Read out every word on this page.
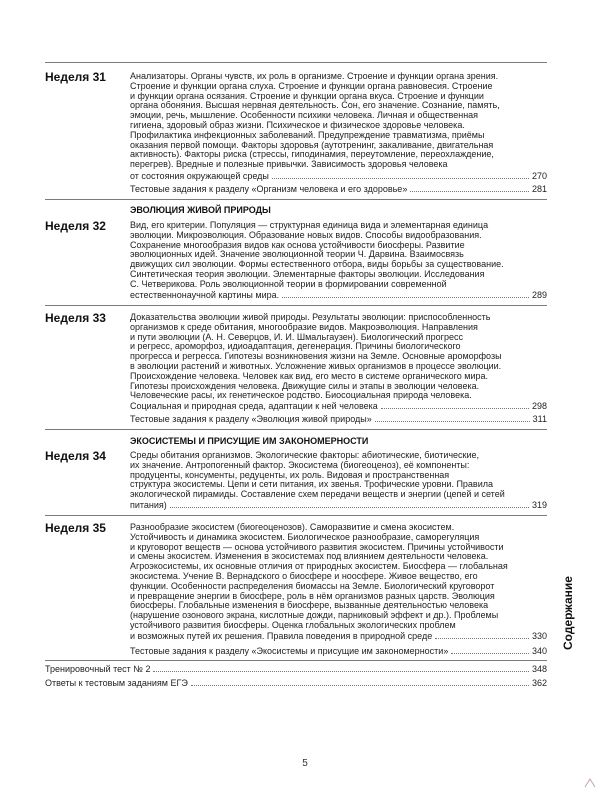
Неделя 31	Анализаторы. Органы чувств, их роль в организме. Строение и функции органа зрения.
Строение и функции органа слуха. Строение и функции органа равновесия. Строение
и функции органа осязания. Строение и функции органа вкуса. Строение и функции
органа обоняния. Высшая нервная деятельность. Сон, его значение. Сознание, память,
эмоции, речь, мышление. Особенности психики человека. Личная и общественная
гигиена, здоровый образ жизни. Психическое и физическое здоровье человека.
Профилактика инфекционных заболеваний. Предупреждение травматизма, приёмы
оказания первой помощи. Факторы здоровья (аутотренинг, закаливание, двигательная
активность). Факторы риска (стрессы, гиподинамия, переутомление, переохлаждение,
перегрев). Вредные и полезные привычки. Зависимость здоровья человека
от состояния окружающей среды	270
Тестовые задания к разделу «Организм человека и его здоровье»	281
ЭВОЛЮЦИЯ ЖИВОЙ ПРИРОДЫ
Неделя 32	Вид, его критерии. Популяция — структурная единица вида и элементарная единица
эволюции. Микроэволюция. Образование новых видов. Способы видообразования.
Сохранение многообразия видов как основа устойчивости биосферы. Развитие
эволюционных идей. Значение эволюционной теории Ч. Дарвина. Взаимосвязь
движущих сил эволюции. Формы естественного отбора, виды борьбы за существование.
Синтетическая теория эволюции. Элементарные факторы эволюции. Исследования
С. Четверикова. Роль эволюционной теории в формировании современной
естественнонаучной картины мира.	289
Неделя 33	Доказательства эволюции живой природы. Результаты эволюции: приспособленность
организмов к среде обитания, многообразие видов. Макроэволюция. Направления
и пути эволюции (А. Н. Северцов, И. И. Шмальгаузен). Биологический прогресс
и регресс, ароморфоз, идиоадаптация, дегенерация. Причины биологического
прогресса и регресса. Гипотезы возникновения жизни на Земле. Основные ароморфозы
в эволюции растений и животных. Усложнение живых организмов в процессе эволюции.
Происхождение человека. Человек как вид, его место в системе органического мира.
Гипотезы происхождения человека. Движущие силы и этапы в эволюции человека.
Человеческие расы, их генетическое родство. Биосоциальная природа человека.
Социальная и природная среда, адаптации к ней человека	298
Тестовые задания к разделу «Эволюция живой природы»	311
ЭКОСИСТЕМЫ И ПРИСУЩИЕ ИМ ЗАКОНОМЕРНОСТИ
Неделя 34	Среды обитания организмов. Экологические факторы: абиотические, биотические,
их значение. Антропогенный фактор. Экосистема (биогеоценоз), её компоненты:
продуценты, консументы, редуценты, их роль. Видовая и пространственная
структура экосистемы. Цепи и сети питания, их звенья. Трофические уровни. Правила
экологической пирамиды. Составление схем передачи веществ и энергии (цепей и сетей
питания)	319
Неделя 35	Разнообразие экосистем (биогеоценозов). Саморазвитие и смена экосистем.
Устойчивость и динамика экосистем. Биологическое разнообразие, саморегуляция
и круговорот веществ — основа устойчивого развития экосистем. Причины устойчивости
и смены экосистем. Изменения в экосистемах под влиянием деятельности человека.
Агроэкосистемы, их основные отличия от природных экосистем. Биосфера — глобальная
экосистема. Учение В. Вернадского о биосфере и ноосфере. Живое вещество, его
функции. Особенности распределения биомассы на Земле. Биологический круговорот
и превращение энергии в биосфере, роль в нём организмов разных царств. Эволюция
биосферы. Глобальные изменения в биосфере, вызванные деятельностью человека
(нарушение озонового экрана, кислотные дожди, парниковый эффект и др.). Проблемы
устойчивого развития биосферы. Оценка глобальных экологических проблем
и возможных путей их решения. Правила поведения в природной среде	330
Тестовые задания к разделу «Экосистемы и присущие им закономерности»	340
Тренировочный тест № 2	348
Ответы к тестовым заданиям ЕГЭ	362
5
Содержание
